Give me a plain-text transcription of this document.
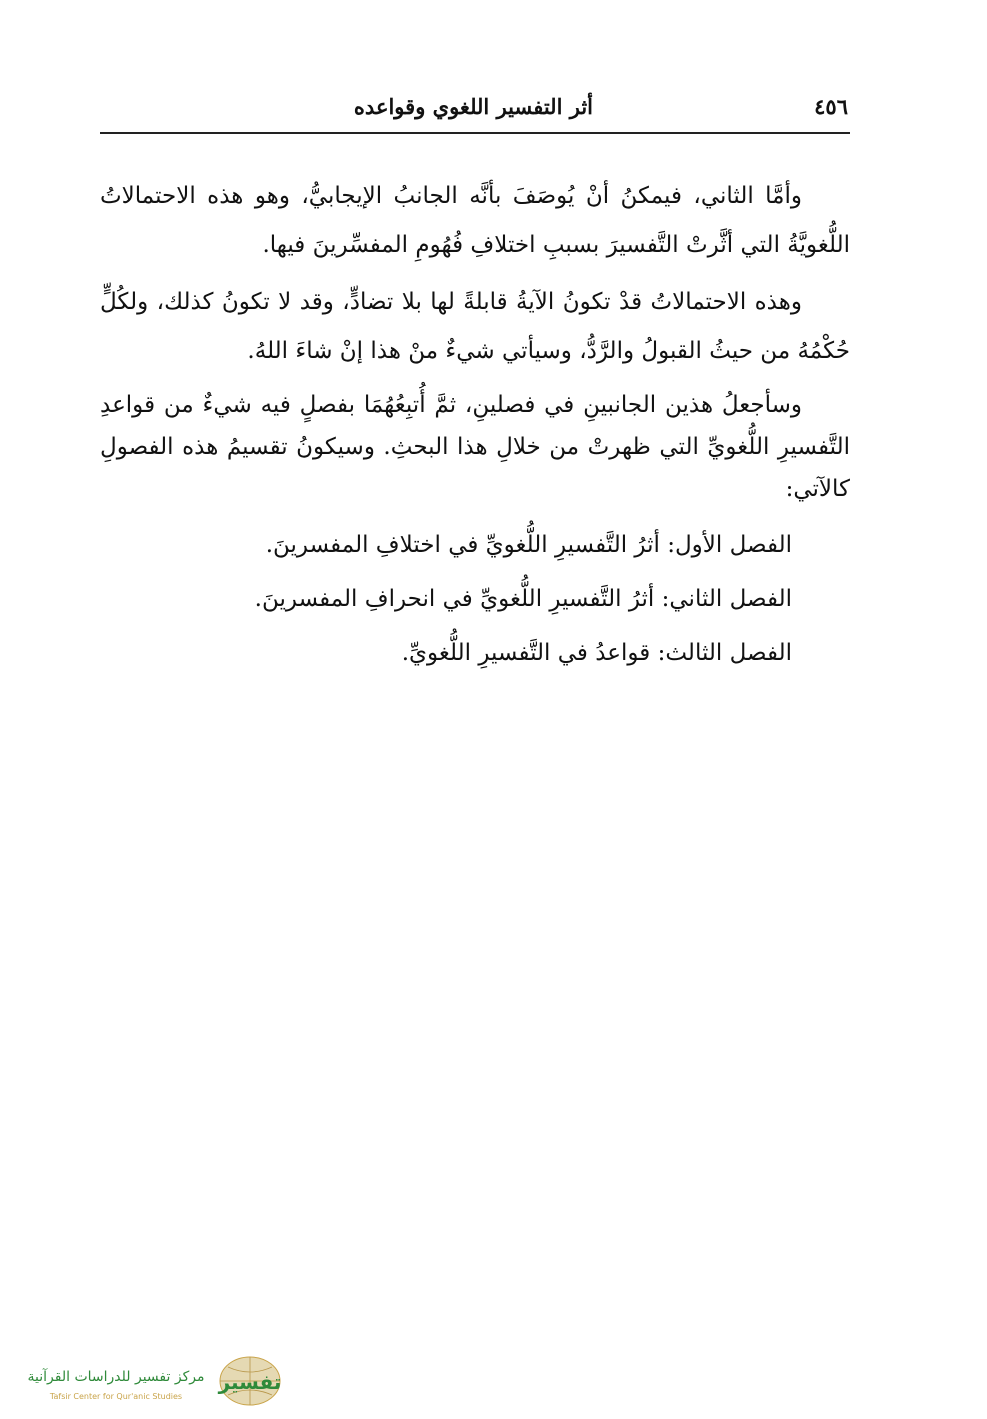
٤٥٦
أثر التفسير اللغوي وقواعده

وأمَّا الثاني، فيمكنُ أنْ يُوصَفَ بأنَّه الجانبُ الإيجابيُّ، وهو هذه الاحتمالاتُ اللُّغويَّةُ التي أثَّرتْ التَّفسيرَ بسببِ اختلافِ فُهُومِ المفسِّرينَ فيها.

وهذه الاحتمالاتُ قدْ تكونُ الآيةُ قابلةً لها بلا تضادٍّ، وقد لا تكونُ كذلك، ولكُلٍّ حُكْمُهُ من حيثُ القبولُ والرَّدُّ، وسيأتي شيءٌ منْ هذا إنْ شاءَ اللهُ.

وسأجعلُ هذين الجانبينِ في فصلينِ، ثمَّ أُتبِعُهُمَا بفصلٍ فيه شيءٌ من قواعدِ التَّفسيرِ اللُّغويِّ التي ظهرتْ من خلالِ هذا البحثِ. وسيكونُ تقسيمُ هذه الفصولِ كالآتي:

الفصل الأول: أثرُ التَّفسيرِ اللُّغويِّ في اختلافِ المفسرينَ.
الفصل الثاني: أثرُ التَّفسيرِ اللُّغويِّ في انحرافِ المفسرينَ.
الفصل الثالث: قواعدُ في التَّفسيرِ اللُّغويِّ.
تفسير
مركز تفسير للدراسات القرآنية
Tafsir Center for Qur'anic Studies
